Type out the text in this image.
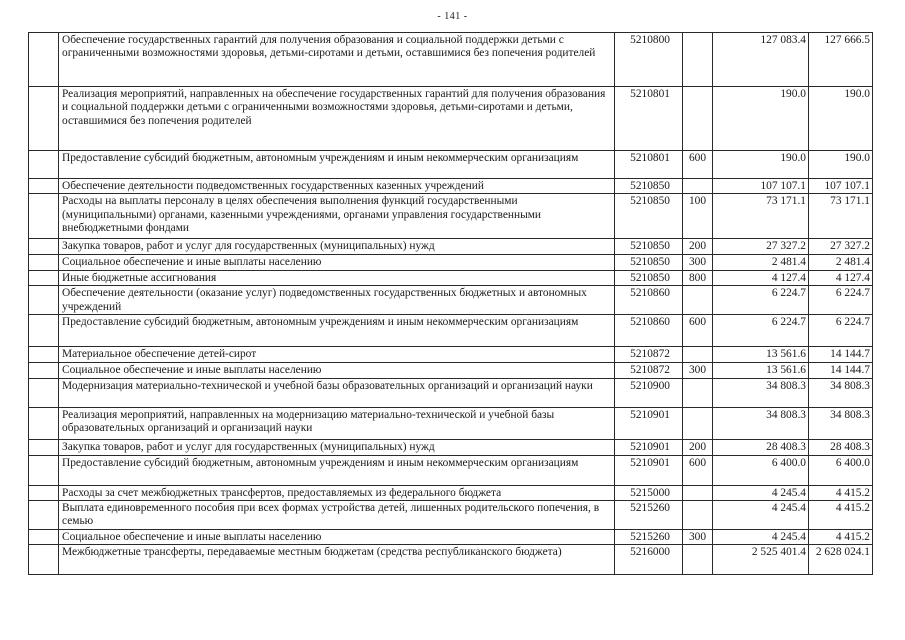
- 141 -
	Обеспечение государственных гарантий для получения образования и социальной поддержки детьми с ограниченными возможностями здоровья, детьми-сиротами и детьми, оставшимися без попечения родителей	5210800		127 083.4	127 666.5
	Реализация мероприятий, направленных на обеспечение государственных гарантий для получения образования и социальной поддержки детьми с ограниченными возможностями здоровья, детьми-сиротами и детьми, оставшимися без попечения родителей	5210801		190.0	190.0
	Предоставление субсидий бюджетным, автономным учреждениям и иным некоммерческим организациям	5210801	600	190.0	190.0
	Обеспечение деятельности подведомственных государственных казенных учреждений	5210850		107 107.1	107 107.1
	Расходы на выплаты персоналу в целях обеспечения выполнения функций государственными (муниципальными) органами, казенными учреждениями, органами управления государственными внебюджетными фондами	5210850	100	73 171.1	73 171.1
	Закупка товаров, работ и услуг для государственных (муниципальных) нужд	5210850	200	27 327.2	27 327.2
	Социальное обеспечение и иные выплаты населению	5210850	300	2 481.4	2 481.4
	Иные бюджетные ассигнования	5210850	800	4 127.4	4 127.4
	Обеспечение деятельности (оказание услуг) подведомственных государственных бюджетных и автономных учреждений	5210860		6 224.7	6 224.7
	Предоставление субсидий бюджетным, автономным учреждениям и иным некоммерческим организациям	5210860	600	6 224.7	6 224.7
	Материальное обеспечение детей-сирот	5210872		13 561.6	14 144.7
	Социальное обеспечение и иные выплаты населению	5210872	300	13 561.6	14 144.7
	Модернизация материально-технической и учебной базы образовательных организаций и организаций науки	5210900		34 808.3	34 808.3
	Реализация мероприятий, направленных на модернизацию материально-технической и учебной базы образовательных организаций и организаций науки	5210901		34 808.3	34 808.3
	Закупка товаров, работ и услуг для государственных (муниципальных) нужд	5210901	200	28 408.3	28 408.3
	Предоставление субсидий бюджетным, автономным учреждениям и иным некоммерческим организациям	5210901	600	6 400.0	6 400.0
	Расходы за счет межбюджетных трансфертов, предоставляемых из федерального бюджета	5215000		4 245.4	4 415.2
	Выплата единовременного пособия при всех формах устройства детей, лишенных родительского попечения, в семью	5215260		4 245.4	4 415.2
	Социальное обеспечение и иные выплаты населению	5215260	300	4 245.4	4 415.2
	Межбюджетные трансферты, передаваемые местным бюджетам (средства республиканского бюджета)	5216000		2 525 401.4	2 628 024.1
